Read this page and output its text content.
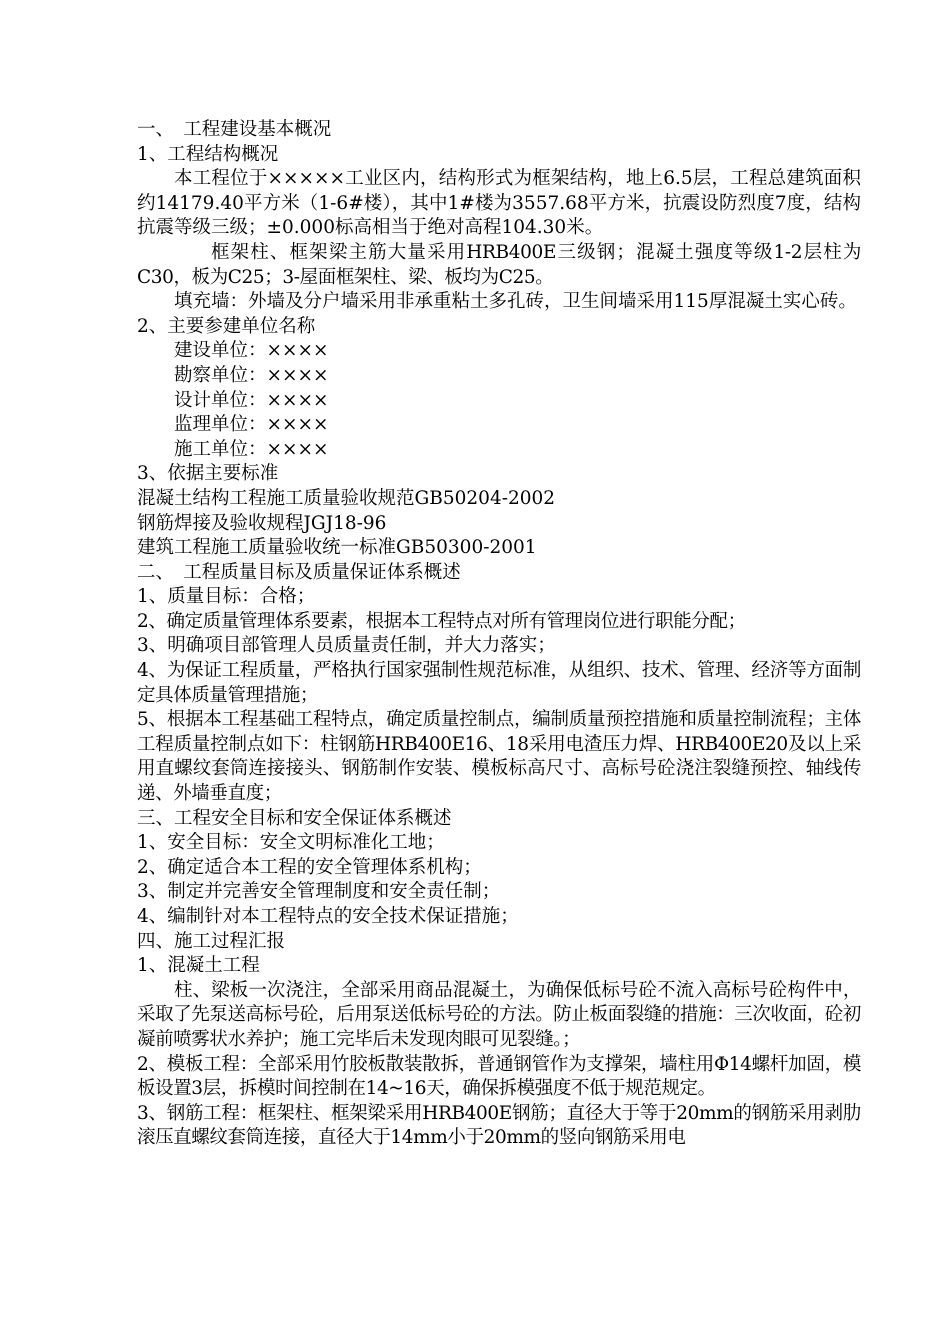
一、　工程建设基本概况

1、工程结构概况

本工程位于×××××工业区内，结构形式为框架结构，地上6.5层，工程总建筑面积约14179.40平方米（1-6#楼），其中1#楼为3557.68平方米，抗震设防烈度7度，结构抗震等级三级；±0.000标高相当于绝对高程104.30米。

框架柱、框架梁主筋大量采用HRB400E三级钢；混凝土强度等级1-2层柱为C30，板为C25；3-屋面框架柱、梁、板均为C25。

填充墙：外墙及分户墙采用非承重粘土多孔砖，卫生间墙采用115厚混凝土实心砖。

2、主要参建单位名称

建设单位：××××

勘察单位：××××

设计单位：××××

监理单位：××××

施工单位：××××

3、依据主要标准

混凝土结构工程施工质量验收规范GB50204-2002

钢筋焊接及验收规程JGJ18-96

建筑工程施工质量验收统一标准GB50300-2001

二、　工程质量目标及质量保证体系概述

1、质量目标：合格；

2、确定质量管理体系要素，根据本工程特点对所有管理岗位进行职能分配；

3、明确项目部管理人员质量责任制，并大力落实；

4、为保证工程质量，严格执行国家强制性规范标准，从组织、技术、管理、经济等方面制定具体质量管理措施；

5、根据本工程基础工程特点，确定质量控制点，编制质量预控措施和质量控制流程；主体工程质量控制点如下：柱钢筋HRB400E16、18采用电渣压力焊、HRB400E20及以上采用直螺纹套筒连接接头、钢筋制作安装、模板标高尺寸、高标号砼浇注裂缝预控、轴线传递、外墙垂直度；

三、工程安全目标和安全保证体系概述

1、安全目标：安全文明标准化工地；

2、确定适合本工程的安全管理体系机构；

3、制定并完善安全管理制度和安全责任制；

4、编制针对本工程特点的安全技术保证措施；

四、施工过程汇报

1、混凝土工程

柱、梁板一次浇注，全部采用商品混凝土，为确保低标号砼不流入高标号砼构件中，采取了先泵送高标号砼，后用泵送低标号砼的方法。防止板面裂缝的措施：三次收面，砼初凝前喷雾状水养护；施工完毕后未发现肉眼可见裂缝。；

2、模板工程：全部采用竹胶板散装散拆，普通钢管作为支撑架，墙柱用Φ14螺杆加固，模板设置3层，拆模时间控制在14~16天，确保拆模强度不低于规范规定。

3、钢筋工程：框架柱、框架梁采用HRB400E钢筋；直径大于等于20mm的钢筋采用剥肋滚压直螺纹套筒连接，直径大于14mm小于20mm的竖向钢筋采用电
